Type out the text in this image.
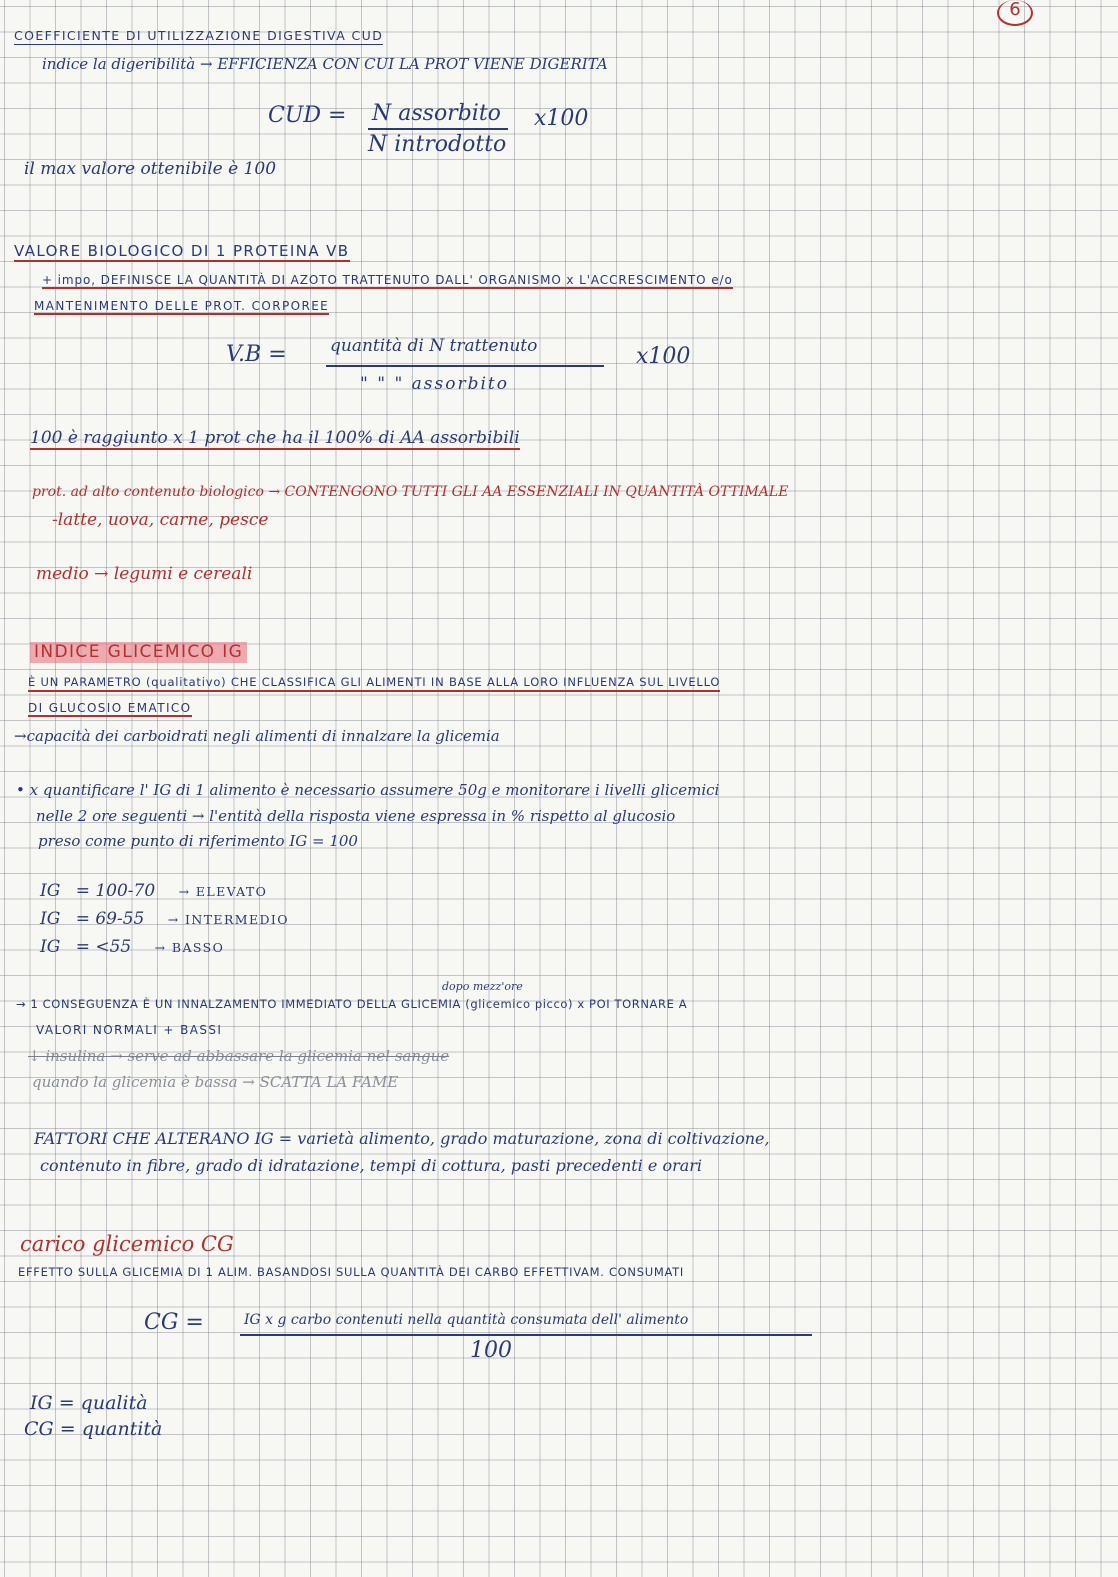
6
COEFFICIENTE DI UTILIZZAZIONE DIGESTIVA CUD
indice la digeribilità → EFFICIENZA CON CUI LA PROT VIENE DIGERITA
CUD = N assorbito x100
N introdotto
il max valore ottenibile è 100
VALORE BIOLOGICO DI 1 PROTEINA VB
+ impo, DEFINISCE LA QUANTITÀ DI AZOTO TRATTENUTO DALL' ORGANISMO x L'ACCRESCIMENTO e/o
MANTENIMENTO DELLE PROT. CORPOREE
V.B =	quantità di N trattenuto	x100
" " " assorbito
100 è raggiunto x 1 prot che ha il 100% di AA assorbibili
prot. ad alto contenuto biologico → CONTENGONO TUTTI GLI AA ESSENZIALI IN QUANTITÀ OTTIMALE
-latte, uova, carne, pesce
medio → legumi e cereali
INDICE GLICEMICO IG
È UN PARAMETRO (qualitativo) CHE CLASSIFICA GLI ALIMENTI IN BASE ALLA LORO INFLUENZA SUL LIVELLO
DI GLUCOSIO EMATICO
→capacità dei carboidrati negli alimenti di innalzare la glicemia
• x quantificare l' IG di 1 alimento è necessario assumere 50g e monitorare i livelli glicemici
nelle 2 ore seguenti → l'entità della risposta viene espressa in % rispetto al glucosio
preso come punto di riferimento IG = 100
IG = 100-70 → ELEVATO
IG = 69-55 → INTERMEDIO
IG = <55 → BASSO
dopo mezz'ore
→ 1 CONSEGUENZA È UN INNALZAMENTO IMMEDIATO DELLA GLICEMIA (glicemico picco) x POI TORNARE A
VALORI NORMALI + BASSI
↓ insulina → serve ad abbassare la glicemia nel sangue
quando la glicemia è bassa → SCATTA LA FAME
FATTORI CHE ALTERANO IG = varietà alimento, grado maturazione, zona di coltivazione,
contenuto in fibre, grado di idratazione, tempi di cottura, pasti precedenti e orari
carico glicemico CG
EFFETTO SULLA GLICEMIA DI 1 ALIM. BASANDOSI SULLA QUANTITÀ DEI CARBO EFFETTIVAM. CONSUMATI
CG =	IG x g carbo contenuti nella quantità consumata dell' alimento
100
IG = qualità
CG = quantità
